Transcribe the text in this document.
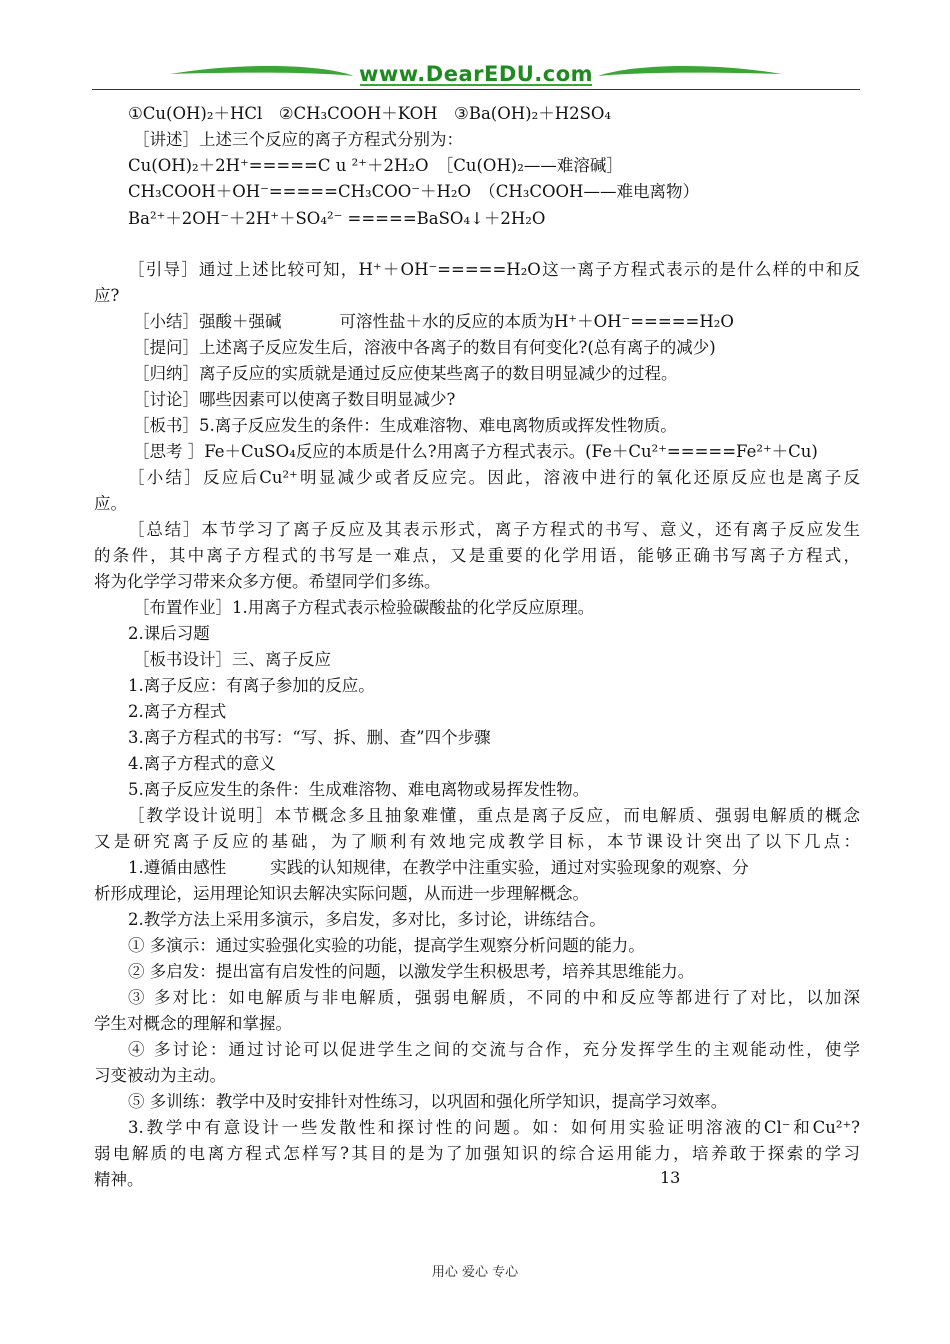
www.DearEDU.com
①Cu(OH)₂＋HCl　②CH₃COOH＋KOH　③Ba(OH)₂＋H2SO₄
［讲述］上述三个反应的离子方程式分别为：
Cu(OH)₂＋2H⁺=====C u ²⁺＋2H₂O　［Cu(OH)₂——难溶碱］
CH₃COOH＋OH⁻=====CH₃COO⁻＋H₂O　（CH₃COOH——难电离物）
Ba²⁺＋2OH⁻＋2H⁺＋SO₄²⁻ =====BaSO₄↓＋2H₂O
［引导］通过上述比较可知，H⁺＋OH⁻=====H₂O这一离子方程式表示的是什么样的中和反
应?
［小结］强酸＋强碱	可溶性盐＋水的反应的本质为H⁺＋OH⁻=====H₂O
［提问］上述离子反应发生后，溶液中各离子的数目有何变化?(总有离子的减少)
［归纳］离子反应的实质就是通过反应使某些离子的数目明显减少的过程。
［讨论］哪些因素可以使离子数目明显减少?
［板书］5.离子反应发生的条件：生成难溶物、难电离物质或挥发性物质。
［思考 ］Fe＋CuSO₄反应的本质是什么?用离子方程式表示。(Fe＋Cu²⁺=====Fe²⁺＋Cu)
［小结］反应后Cu²⁺明显减少或者反应完。因此，溶液中进行的氧化还原反应也是离子反
应。
［总结］本节学习了离子反应及其表示形式，离子方程式的书写、意义，还有离子反应发生
的条件，其中离子方程式的书写是一难点，又是重要的化学用语，能够正确书写离子方程式，
将为化学学习带来众多方便。希望同学们多练。
［布置作业］1.用离子方程式表示检验碳酸盐的化学反应原理。
2.课后习题
［板书设计］三、离子反应
1.离子反应：有离子参加的反应。
2.离子方程式
3.离子方程式的书写：“写、拆、删、查”四个步骤
4.离子方程式的意义
5.离子反应发生的条件：生成难溶物、难电离物或易挥发性物。
［教学设计说明］本节概念多且抽象难懂，重点是离子反应，而电解质、强弱电解质的概念
又是研究离子反应的基础，为了顺利有效地完成教学目标，本节课设计突出了以下几点：
1.遵循由感性	实践的认知规律，在教学中注重实验，通过对实验现象的观察、分
析形成理论，运用理论知识去解决实际问题，从而进一步理解概念。
2.教学方法上采用多演示，多启发，多对比，多讨论，讲练结合。
① 多演示：通过实验强化实验的功能，提高学生观察分析问题的能力。
② 多启发：提出富有启发性的问题，以激发学生积极思考，培养其思维能力。
③ 多对比：如电解质与非电解质，强弱电解质，不同的中和反应等都进行了对比，以加深
学生对概念的理解和掌握。
④ 多讨论：通过讨论可以促进学生之间的交流与合作，充分发挥学生的主观能动性，使学
习变被动为主动。
⑤ 多训练：教学中及时安排针对性练习，以巩固和强化所学知识，提高学习效率。
3.教学中有意设计一些发散性和探讨性的问题。如：如何用实验证明溶液的Cl⁻和Cu²⁺?
弱电解质的电离方程式怎样写?其目的是为了加强知识的综合运用能力，培养敢于探索的学习
精神。	13
用心 爱心 专心
